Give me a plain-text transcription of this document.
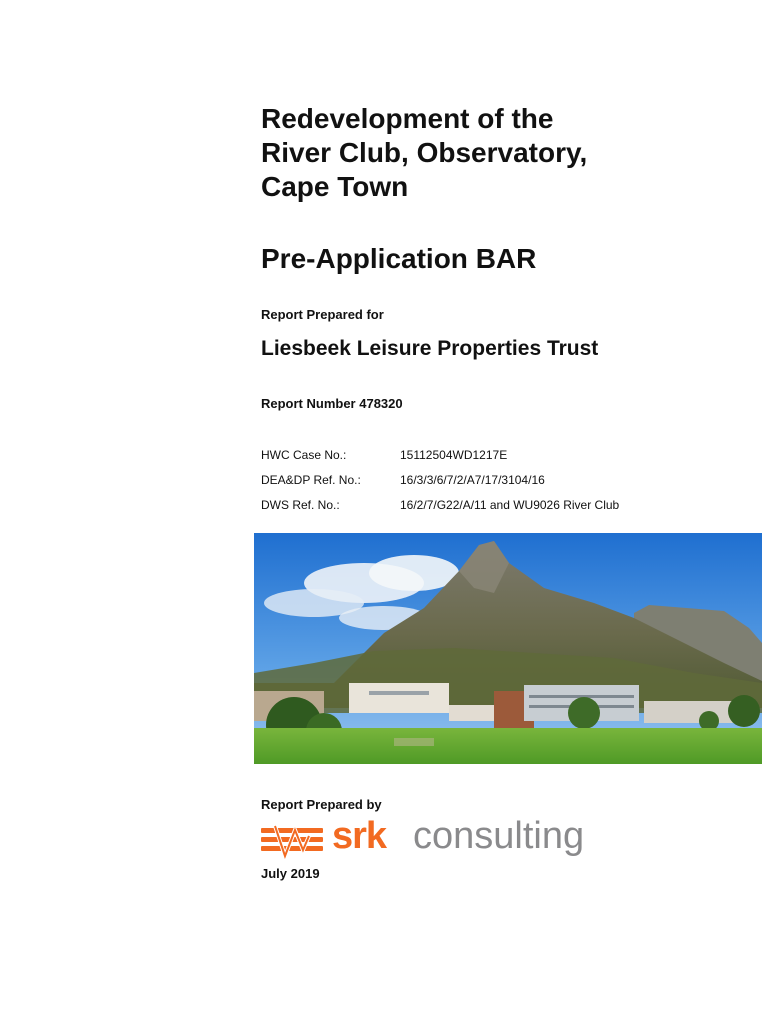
Redevelopment of the
River Club, Observatory,
Cape Town
Pre-Application BAR
Report Prepared for
Liesbeek Leisure Properties Trust
Report Number 478320
HWC Case No.:	15112504WD1217E
DEA&DP Ref. No.:	16/3/3/6/7/2/A7/17/3104/16
DWS Ref. No.:	16/2/7/G22/A/11 and WU9026 River Club
Report Prepared by
srk consulting
July 2019
